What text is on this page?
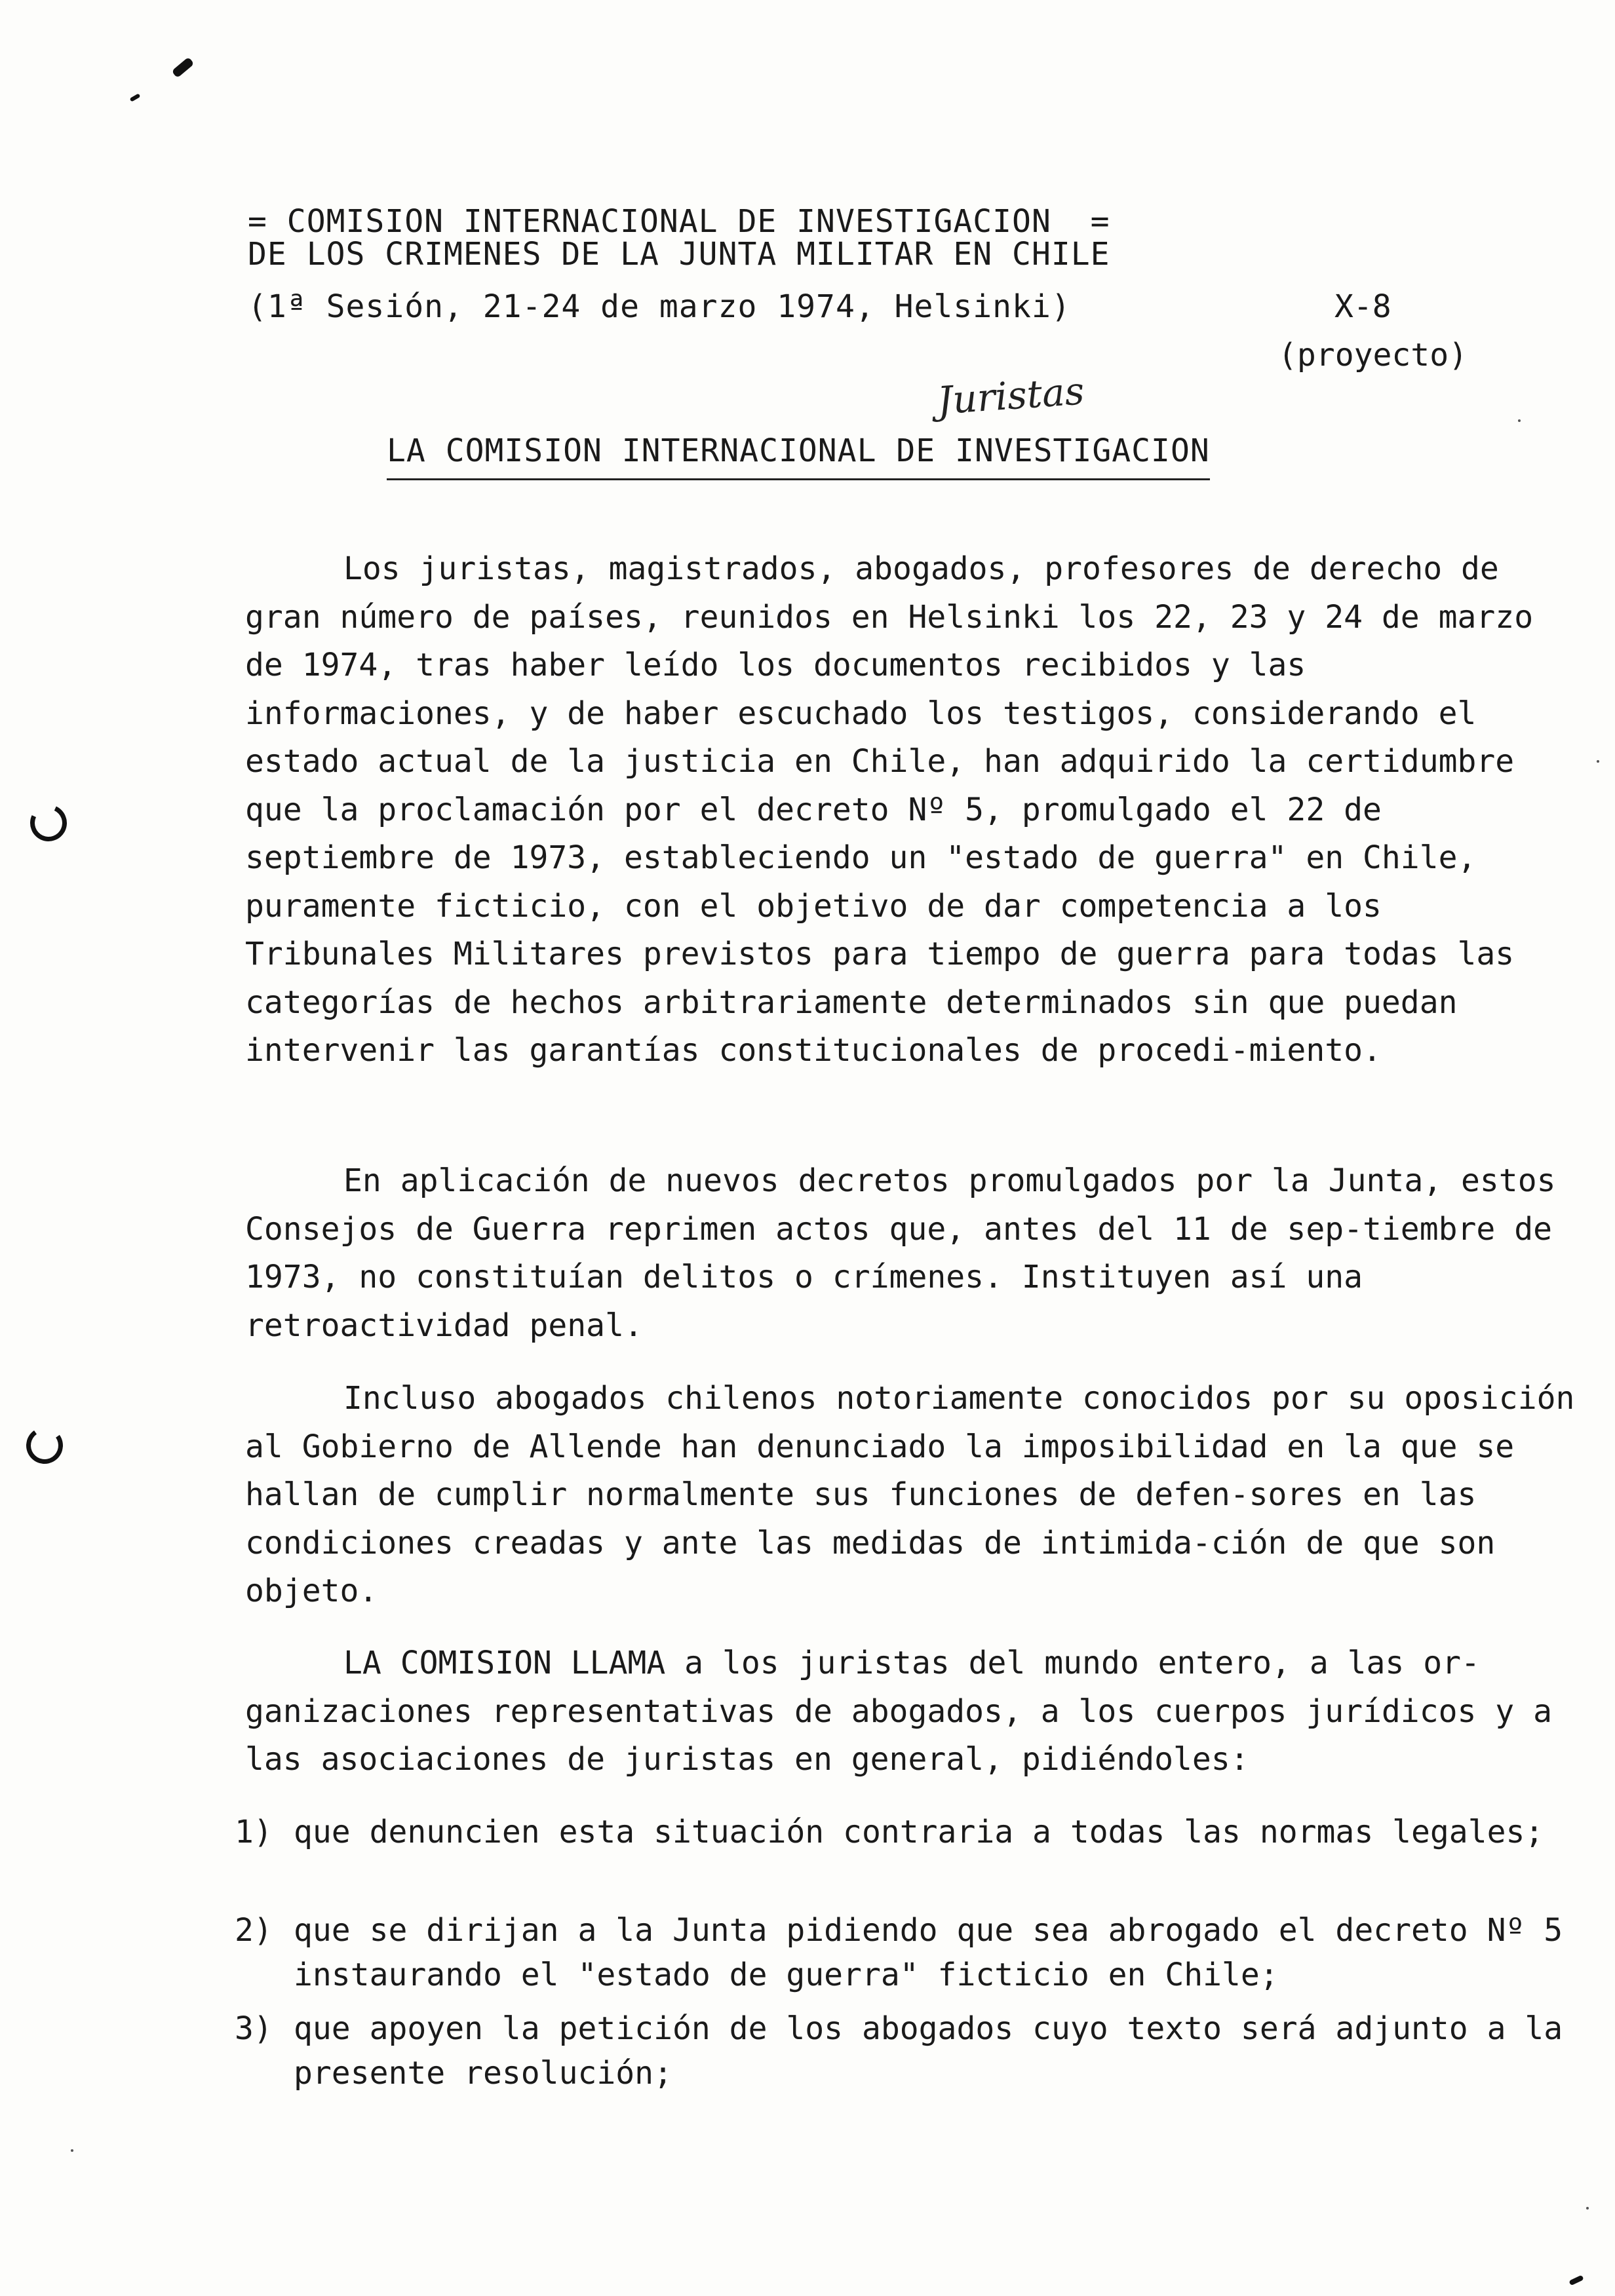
= COMISION INTERNACIONAL DE INVESTIGACION  =
DE LOS CRIMENES DE LA JUNTA MILITAR EN CHILE
(1ª Sesión, 21-24 de marzo 1974, Helsinki)	X-8
(proyecto)
Juristas
LA COMISION INTERNACIONAL DE INVESTIGACION
Los juristas, magistrados, abogados, profesores de derecho de gran número de países, reunidos en Helsinki los 22, 23 y 24 de marzo de 1974, tras haber leído los documentos recibidos y las informaciones, y de haber escuchado los testigos, considerando el estado actual de la justicia en Chile, han adquirido la certidumbre que la proclamación por el decreto Nº 5, promulgado el 22 de septiembre de 1973, estableciendo un "estado de guerra" en Chile, puramente ficticio, con el objetivo de dar competencia a los Tribunales Militares previstos para tiempo de guerra para todas las categorías de hechos arbitrariamente determinados sin que puedan intervenir las garantías constitucionales de procedi-miento.
En aplicación de nuevos decretos promulgados por la Junta, estos Consejos de Guerra reprimen actos que, antes del 11 de sep-tiembre de 1973, no constituían delitos o crímenes. Instituyen así una retroactividad penal.
Incluso abogados chilenos notoriamente conocidos por su oposición al Gobierno de Allende han denunciado la imposibilidad en la que se hallan de cumplir normalmente sus funciones de defen-sores en las condiciones creadas y ante las medidas de intimida-ción de que son objeto.
LA COMISION LLAMA a los juristas del mundo entero, a las or-ganizaciones representativas de abogados, a los cuerpos jurídicos y a las asociaciones de juristas en general, pidiéndoles:
1) que denuncien esta situación contraria a todas las normas legales;
2) que se dirijan a la Junta pidiendo que sea abrogado el decreto Nº 5 instaurando el "estado de guerra" ficticio en Chile;
3) que apoyen la petición de los abogados cuyo texto será adjunto a la presente resolución;
